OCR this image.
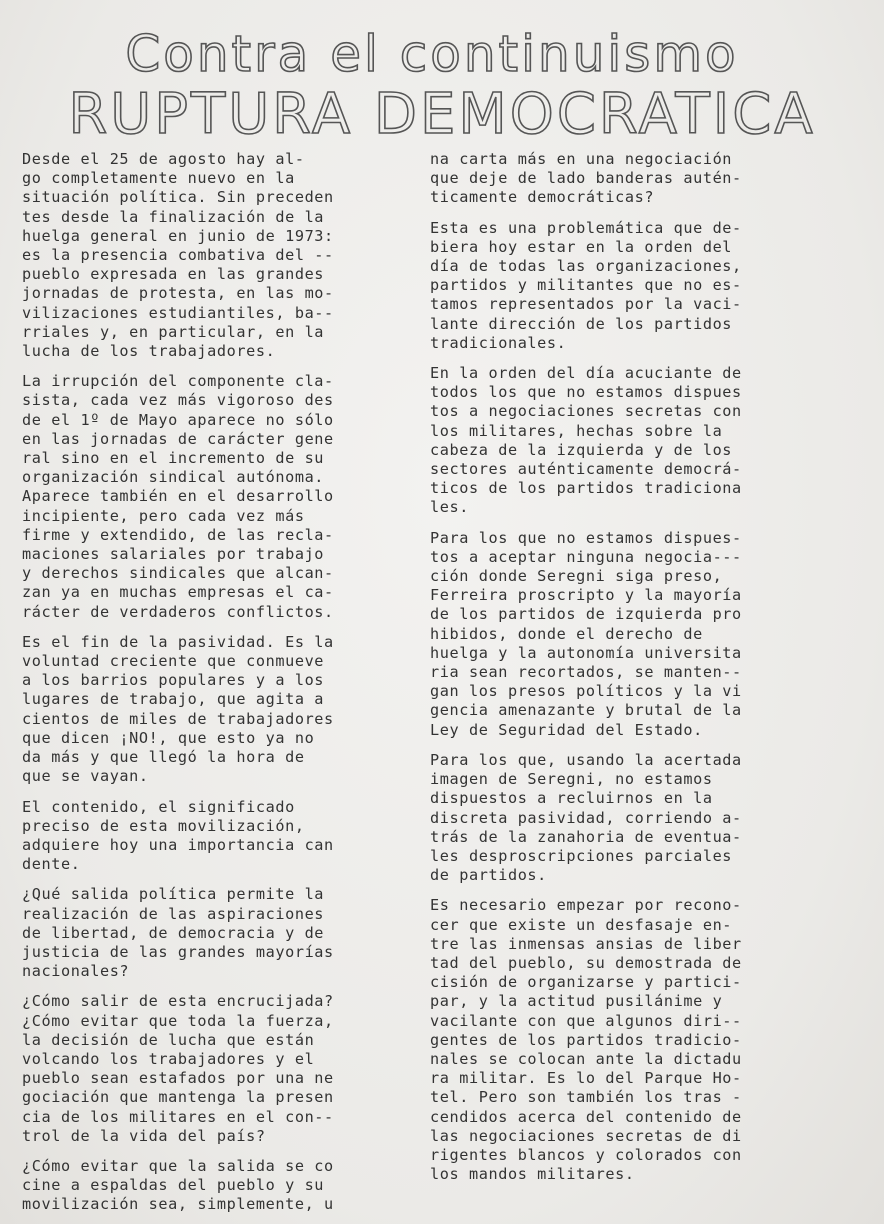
Contra el continuismo
RUPTURA DEMOCRATICA

Desde el 25 de agosto hay al-
go completamente nuevo en la
situación política. Sin preceden
tes desde la finalización de la
huelga general en junio de 1973:
es la presencia combativa del --
pueblo expresada en las grandes
jornadas de protesta, en las mo-
vilizaciones estudiantiles, ba--
rriales y, en particular, en la
lucha de los trabajadores.

La irrupción del componente cla-
sista, cada vez más vigoroso des
de el 1º de Mayo aparece no sólo
en las jornadas de carácter gene
ral sino en el incremento de su
organización sindical autónoma.
Aparece también en el desarrollo
incipiente, pero cada vez más
firme y extendido, de las recla-
maciones salariales por trabajo
y derechos sindicales que alcan-
zan ya en muchas empresas el ca-
rácter de verdaderos conflictos.

Es el fin de la pasividad. Es la
voluntad creciente que conmueve
a los barrios populares y a los
lugares de trabajo, que agita a
cientos de miles de trabajadores
que dicen ¡NO!, que esto ya no
da más y que llegó la hora de
que se vayan.

El contenido, el significado
preciso de esta movilización,
adquiere hoy una importancia can
dente.

¿Qué salida política permite la
realización de las aspiraciones
de libertad, de democracia y de
justicia de las grandes mayorías
nacionales?

¿Cómo salir de esta encrucijada?
¿Cómo evitar que toda la fuerza,
la decisión de lucha que están
volcando los trabajadores y el
pueblo sean estafados por una ne
gociación que mantenga la presen
cia de los militares en el con--
trol de la vida del país?

¿Cómo evitar que la salida se co
cine a espaldas del pueblo y su
movilización sea, simplemente, u

na carta más en una negociación
que deje de lado banderas autén-
ticamente democráticas?

Esta es una problemática que de-
biera hoy estar en la orden del
día de todas las organizaciones,
partidos y militantes que no es-
tamos representados por la vaci-
lante dirección de los partidos
tradicionales.

En la orden del día acuciante de
todos los que no estamos dispues
tos a negociaciones secretas con
los militares, hechas sobre la
cabeza de la izquierda y de los
sectores auténticamente democrá-
ticos de los partidos tradiciona
les.

Para los que no estamos dispues-
tos a aceptar ninguna negocia---
ción donde Seregni siga preso,
Ferreira proscripto y la mayoría
de los partidos de izquierda pro
hibidos, donde el derecho de
huelga y la autonomía universita
ria sean recortados, se manten--
gan los presos políticos y la vi
gencia amenazante y brutal de la
Ley de Seguridad del Estado.

Para los que, usando la acertada
imagen de Seregni, no estamos
dispuestos a recluirnos en la
discreta pasividad, corriendo a-
trás de la zanahoria de eventua-
les desproscripciones parciales
de partidos.

Es necesario empezar por recono-
cer que existe un desfasaje en-
tre las inmensas ansias de liber
tad del pueblo, su demostrada de
cisión de organizarse y partici-
par, y la actitud pusilánime y
vacilante con que algunos diri--
gentes de los partidos tradicio-
nales se colocan ante la dictadu
ra militar. Es lo del Parque Ho-
tel. Pero son también los tras -
cendidos acerca del contenido de
las negociaciones secretas de di
rigentes blancos y colorados con
los mandos militares.
